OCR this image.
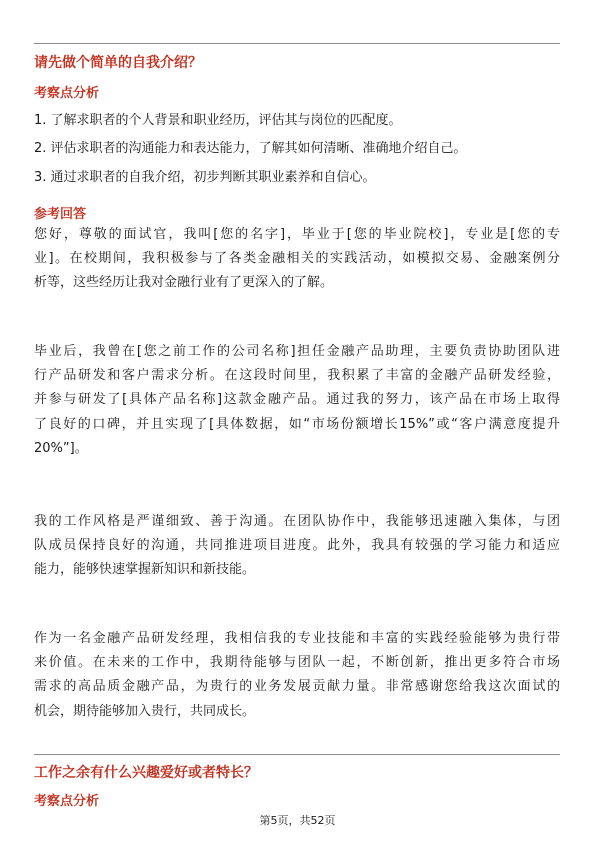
请先做个简单的自我介绍？
考察点分析
1. 了解求职者的个人背景和职业经历，评估其与岗位的匹配度。
2. 评估求职者的沟通能力和表达能力，了解其如何清晰、准确地介绍自己。
3. 通过求职者的自我介绍，初步判断其职业素养和自信心。
参考回答
您好，尊敬的面试官，我叫[您的名字]，毕业于[您的毕业院校]，专业是[您的专
业]。在校期间，我积极参与了各类金融相关的实践活动，如模拟交易、金融案例分
析等，这些经历让我对金融行业有了更深入的了解。
毕业后，我曾在[您之前工作的公司名称]担任金融产品助理，主要负责协助团队进
行产品研发和客户需求分析。在这段时间里，我积累了丰富的金融产品研发经验，
并参与研发了[具体产品名称]这款金融产品。通过我的努力，该产品在市场上取得
了良好的口碑，并且实现了[具体数据，如“市场份额增长15%”或“客户满意度提升
20%”]。
我的工作风格是严谨细致、善于沟通。在团队协作中，我能够迅速融入集体，与团
队成员保持良好的沟通，共同推进项目进度。此外，我具有较强的学习能力和适应
能力，能够快速掌握新知识和新技能。
作为一名金融产品研发经理，我相信我的专业技能和丰富的实践经验能够为贵行带
来价值。在未来的工作中，我期待能够与团队一起，不断创新，推出更多符合市场
需求的高品质金融产品，为贵行的业务发展贡献力量。非常感谢您给我这次面试的
机会，期待能够加入贵行，共同成长。
工作之余有什么兴趣爱好或者特长？
考察点分析
第5页，共52页
